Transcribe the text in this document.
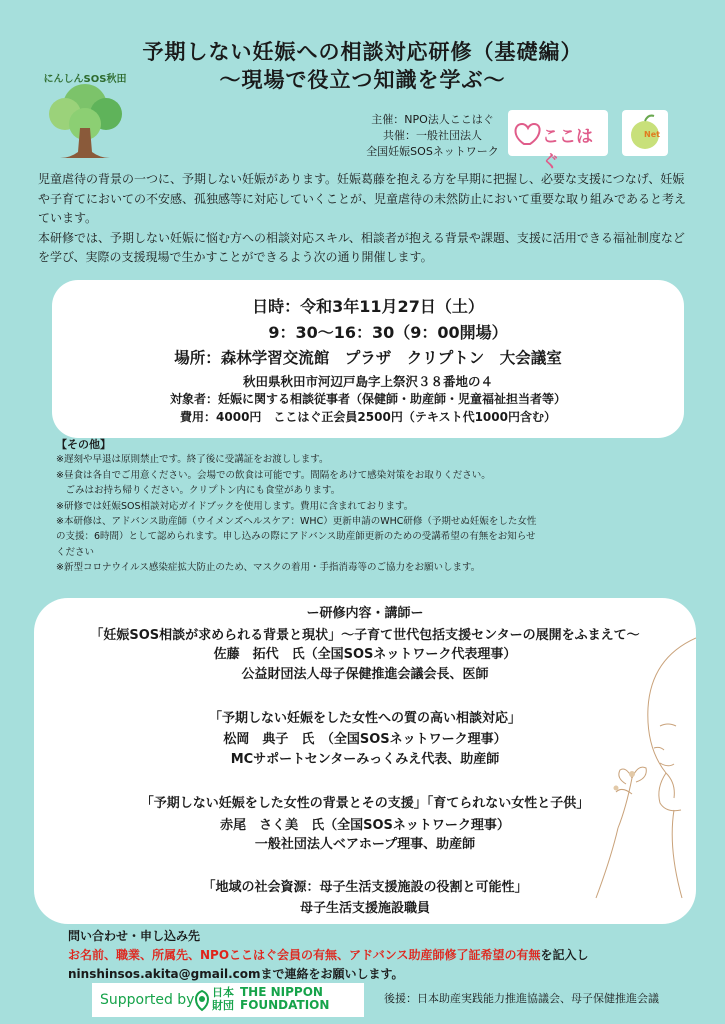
予期しない妊娠への相談対応研修（基礎編）
〜現場で役立つ知識を学ぶ〜
にんしんSOS秋田
主催：NPO法人ここはぐ
共催：一般社団法人
全国妊娠SOSネットワーク
ここはぐ
Net
児童虐待の背景の一つに、予期しない妊娠があります。妊娠葛藤を抱える方を早期に把握し、必要な支援につなげ、妊娠や子育てにおいての不安感、孤独感等に対応していくことが、児童虐待の未然防止において重要な取り組みであると考えています。
本研修では、予期しない妊娠に悩む方への相談対応スキル、相談者が抱える背景や課題、支援に活用できる福祉制度などを学び、実際の支援現場で生かすことができるよう次の通り開催します。
日時：令和3年11月27日（土）
9：30〜16：30（9：00開場）
場所：森林学習交流館　プラザ　クリプトン　大会議室
秋田県秋田市河辺戸島字上祭沢３８番地の４
対象者：妊娠に関する相談従事者（保健師・助産師・児童福祉担当者等）
費用：4000円　ここはぐ正会員2500円（テキスト代1000円含む）
【その他】
※遅刻や早退は原則禁止です。終了後に受講証をお渡しします。
※昼食は各自でご用意ください。会場での飲食は可能です。間隔をあけて感染対策をお取りください。
　ごみはお持ち帰りください。クリプトン内にも食堂があります。
※研修では妊娠SOS相談対応ガイドブックを使用します。費用に含まれております。
※本研修は、アドバンス助産師（ウイメンズヘルスケア：WHC）更新申請のWHC研修（予期せぬ妊娠をした女性
の支援：6時間）として認められます。申し込みの際にアドバンス助産師更新のための受講希望の有無をお知らせ
ください
※新型コロナウイルス感染症拡大防止のため、マスクの着用・手指消毒等のご協力をお願いします。
ー研修内容・講師ー
「妊娠SOS相談が求められる背景と現状」〜子育て世代包括支援センターの展開をふまえて〜
佐藤　拓代　氏（全国SOSネットワーク代表理事）
公益財団法人母子保健推進会議会長、医師
「予期しない妊娠をした女性への質の高い相談対応」
松岡　典子　氏　（全国SOSネットワーク理事）
MCサポートセンターみっくみえ代表、助産師
「予期しない妊娠をした女性の背景とその支援」「育てられない女性と子供」
赤尾　さく美　氏（全国SOSネットワーク理事）
一般社団法人ベアホープ理事、助産師
「地域の社会資源：母子生活支援施設の役割と可能性」
母子生活支援施設職員
問い合わせ・申し込み先
お名前、職業、所属先、NPOここはぐ会員の有無、アドバンス助産師修了証希望の有無を記入し
ninshinsos.akita@gmail.comまで連絡をお願いします。
Supported by 日本
財団
THE NIPPON
FOUNDATION	後援：日本助産実践能力推進協議会、母子保健推進会議
